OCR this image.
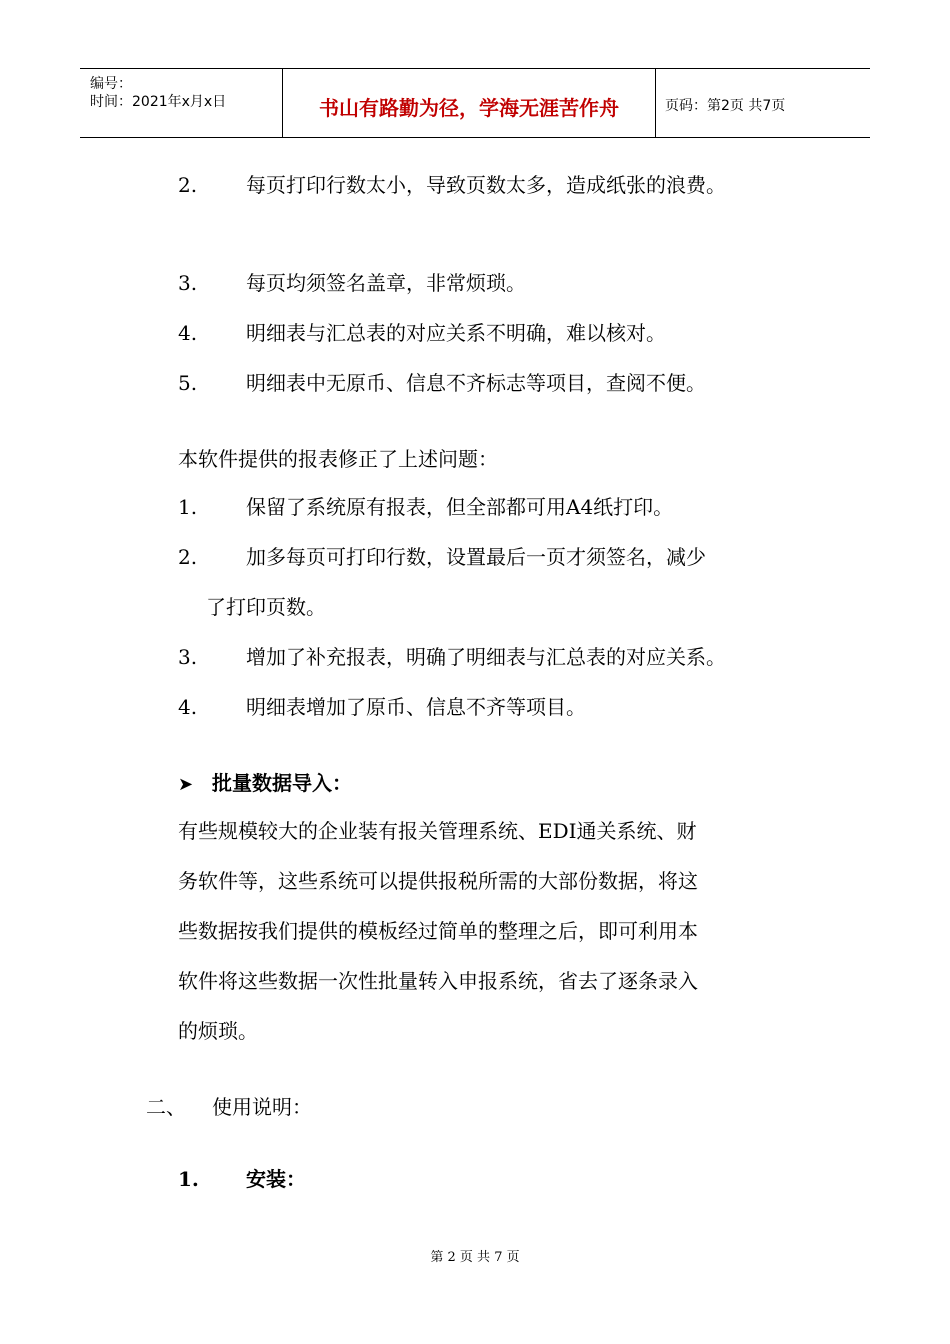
编号：
时间：2021年x月x日	书山有路勤为径，学海无涯苦作舟	页码：第2页 共7页
2. 每页打印行数太小，导致页数太多，造成纸张的浪费。
3. 每页均须签名盖章，非常烦琐。
4. 明细表与汇总表的对应关系不明确，难以核对。
5. 明细表中无原币、信息不齐标志等项目，查阅不便。
本软件提供的报表修正了上述问题：
1. 保留了系统原有报表，但全部都可用A4纸打印。
2. 加多每页可打印行数，设置最后一页才须签名，减少
了打印页数。
3. 增加了补充报表，明确了明细表与汇总表的对应关系。
4. 明细表增加了原币、信息不齐等项目。
➤ 批量数据导入：
有些规模较大的企业装有报关管理系统、EDI通关系统、财
务软件等，这些系统可以提供报税所需的大部份数据，将这
些数据按我们提供的模板经过简单的整理之后，即可利用本
软件将这些数据一次性批量转入申报系统，省去了逐条录入
的烦琐。
二、 使用说明：
1. 安装：
第 2 页 共 7 页
